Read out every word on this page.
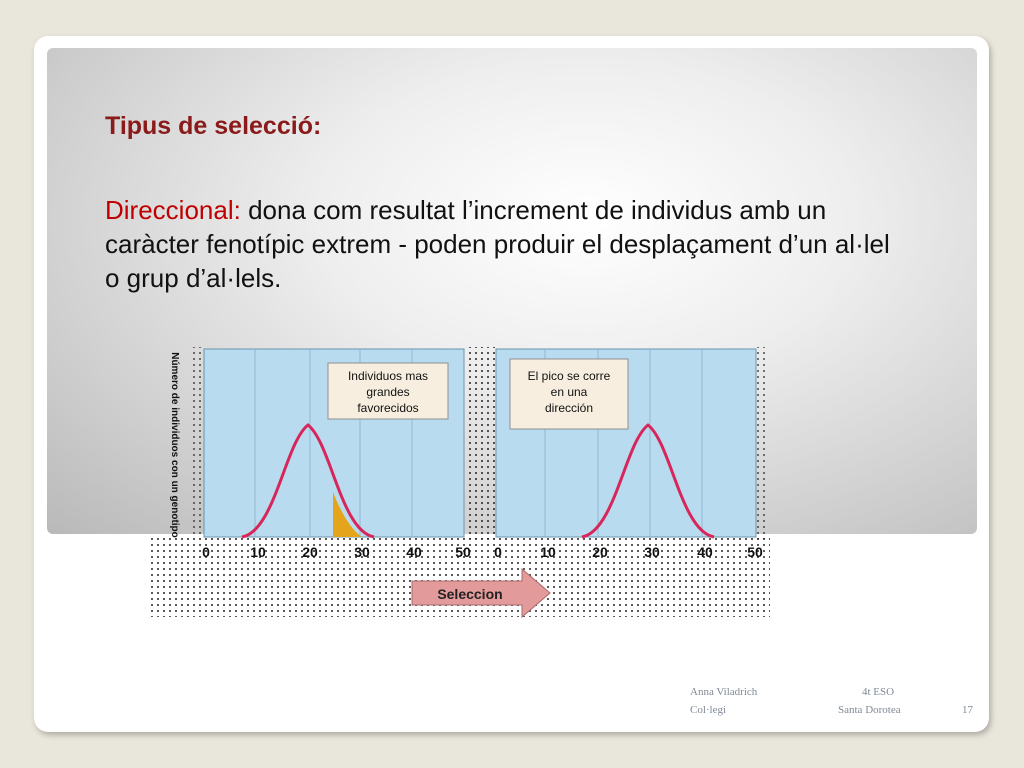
Tipus de selecció:

Direccional: dona com resultat l’increment de individus amb un caràcter fenotípic extrem - poden produir el desplaçament d’un al·lel o grup d’al·lels.

Número de individuos con un genotipo	Individuos mas
grandes
favorecidos
El pico se corre
en una
dirección
0	10	20	30	40 50 0	10	20	30	40 50
Seleccion
Anna Viladrich
Col·legi
4t ESO
Santa Dorotea	17
